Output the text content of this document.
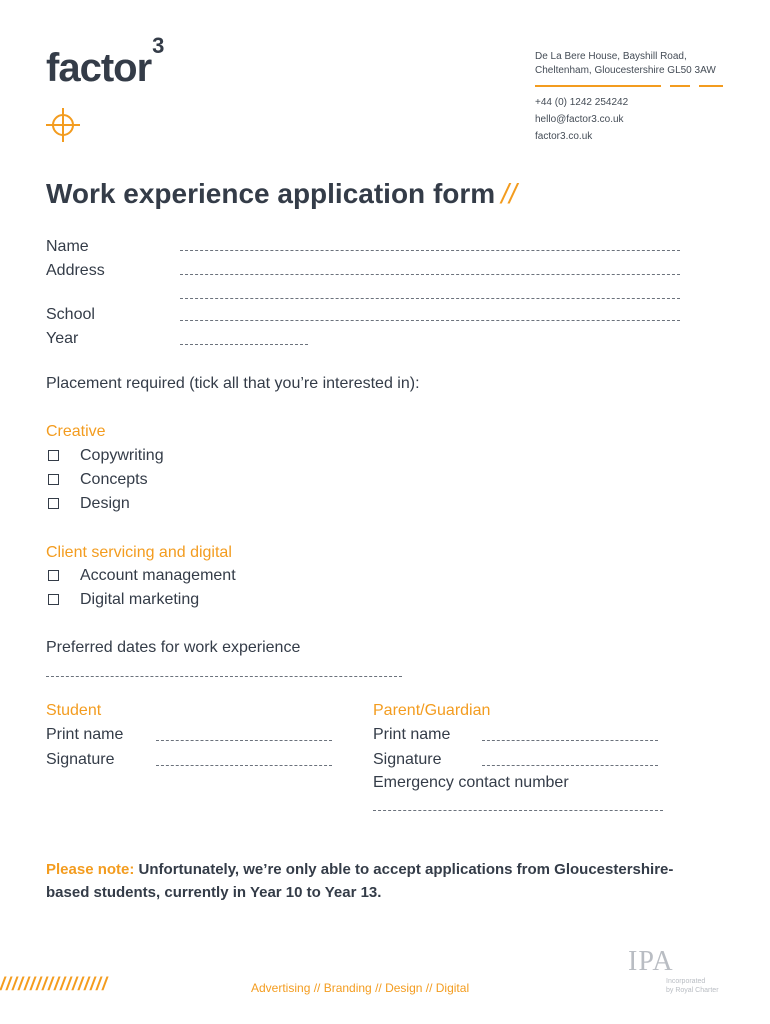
factor$^3$	De La Bere House, Bayshill Road,
Cheltenham, Gloucestershire GL50 3AW
+44 (0) 1242 254242
hello@factor3.co.uk
factor3.co.uk
Work experience application form //
Name
Address
School
Year
Placement required (tick all that you’re interested in):
Creative
Copywriting
Concepts
Design
Client servicing and digital
Account management
Digital marketing
Preferred dates for work experience
Student
Print name
Signature
Parent/Guardian
Print name
Signature
Emergency contact number
Please note: Unfortunately, we’re only able to accept applications from Gloucestershire-based students, currently in Year 10 to Year 13.
//////////////////	Advertising // Branding // Design // Digital
IPA
Incorporated
by Royal Charter
